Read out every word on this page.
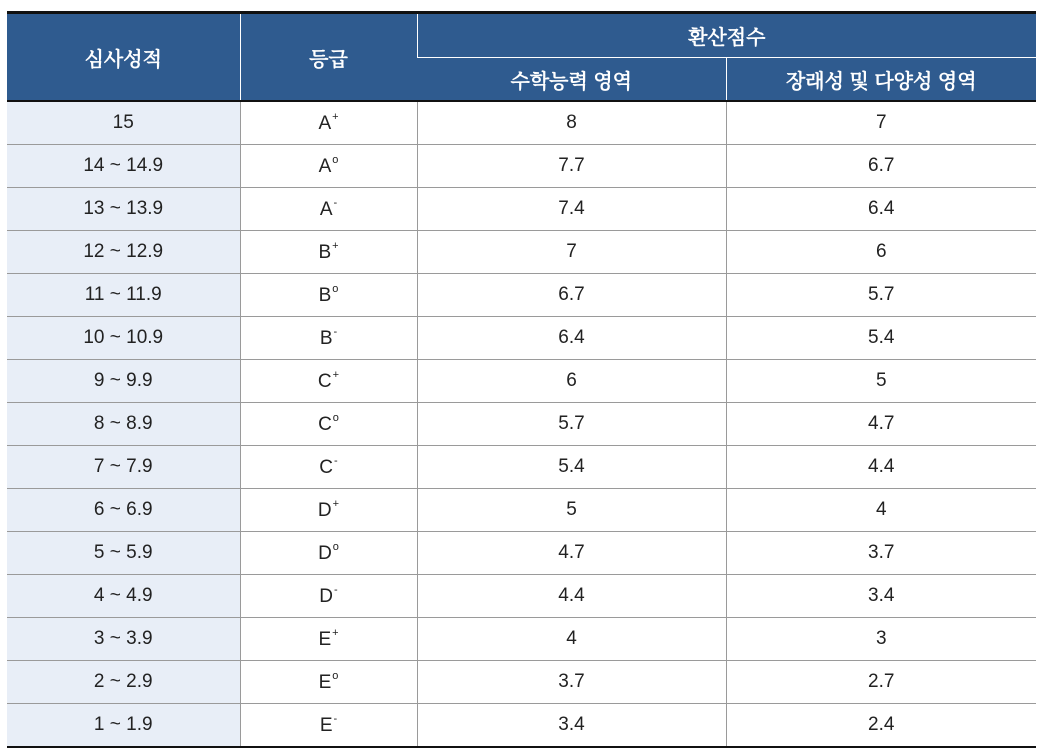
심사성적	등급	환산점수	
		수학능력 영역	장래성 및 다양성 영역
15	A+	8	7
14 ~ 14.9	$A^o$	7.7	6.7
13 ~ 13.9	A-	7.4	6.4
12 ~ 12.9	B+	7	6
11 ~ 11.9	$B^o$	6.7	5.7
10 ~ 10.9	B-	6.4	5.4
9 ~ 9.9	C+	6	5
8 ~ 8.9	$C^o$	5.7	4.7
7 ~ 7.9	C-	5.4	4.4
6 ~ 6.9	D+	5	4
5 ~ 5.9	$D^o$	4.7	3.7
4 ~ 4.9	D-	4.4	3.4
3 ~ 3.9	E+	4	3
2 ~ 2.9	$E^o$	3.7	2.7
1 ~ 1.9	E-	3.4	2.4
